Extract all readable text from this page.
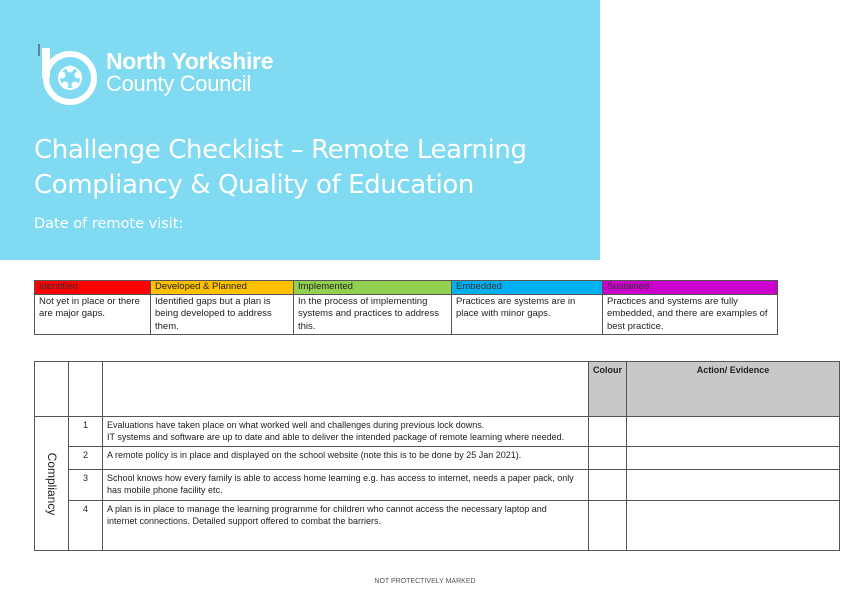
North Yorkshire
County Council
Challenge Checklist – Remote Learning
Compliancy & Quality of Education
Date of remote visit:
Identified	Developed & Planned	Implemented	Embedded	Sustained
Not yet in place or there are major gaps.	Identified gaps but a plan is being developed to address them.	In the process of implementing systems and practices to address this.	Practices are systems are in place with minor gaps.	Practices and systems are fully embedded, and there are examples of best practice.
			Colour	Action/ Evidence

Compliancy	1	Evaluations have taken place on what worked well and challenges during previous lock downs.
IT systems and software are up to date and able to deliver the intended package of remote learning where needed.		

	2	A remote policy is in place and displayed on the school website (note this is to be done by 25 Jan 2021).		

	3	School knows how every family is able to access home learning e.g. has access to internet, needs a paper pack, only
has mobile phone facility etc.		

	4	A plan is in place to manage the learning programme for children who cannot access the necessary laptop and
internet connections. Detailed support offered to combat the barriers.		

NOT PROTECTIVELY MARKED
